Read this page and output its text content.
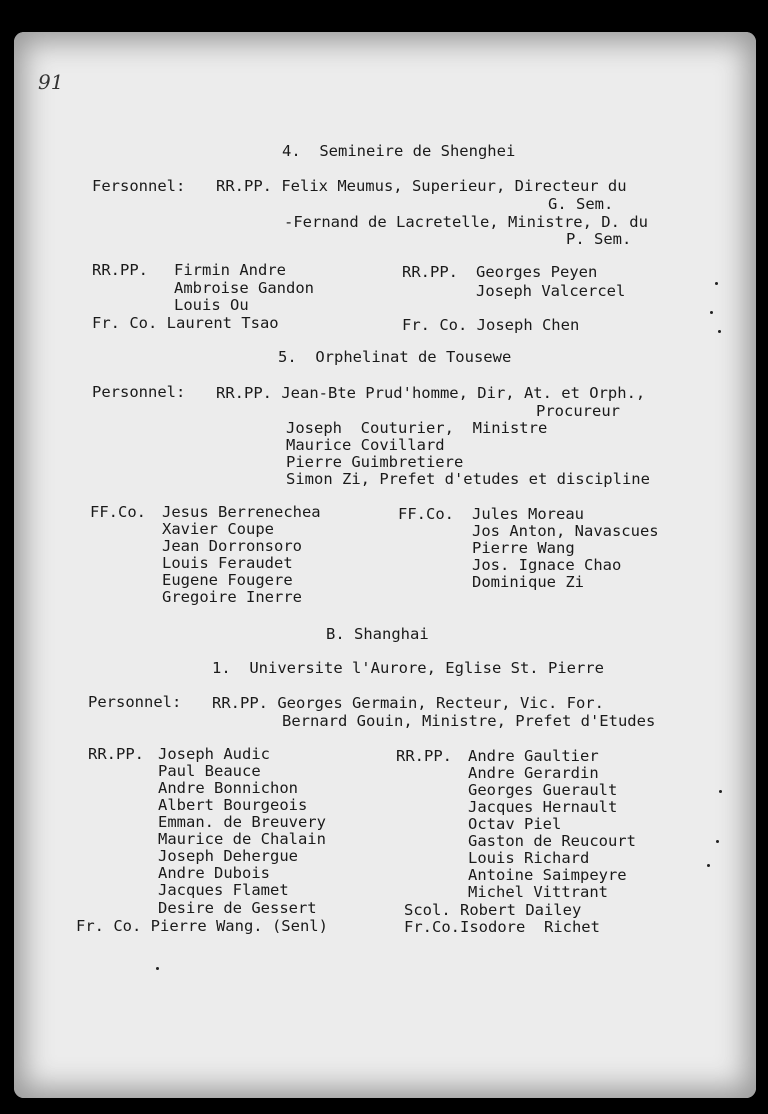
91
4.  Semineire de Shenghei
Fersonnel: RR.PP. Felix Meumus, Superieur, Directeur du
G. Sem.
-Fernand de Lacretelle, Ministre, D. du
P. Sem.
RR.PP. Firmin Andre
Ambroise Gandon
Louis Ou
RR.PP. Georges Peyen
Joseph Valcercel
Fr. Co. Laurent Tsao	Fr. Co. Joseph Chen
5.  Orphelinat de Tousewe
Personnel: RR.PP. Jean-Bte Prud'homme, Dir, At. et Orph.,
Procureur
Joseph  Couturier,  Ministre
Maurice Covillard
Pierre Guimbretiere
Simon Zi, Prefet d'etudes et discipline
FF.Co. Jesus Berrenechea
Xavier Coupe
Jean Dorronsoro
Louis Feraudet
Eugene Fougere
Gregoire Inerre
FF.Co. Jules Moreau
Jos Anton, Navascues
Pierre Wang
Jos. Ignace Chao
Dominique Zi
B. Shanghai
1.  Universite l'Aurore, Eglise St. Pierre
Personnel: RR.PP. Georges Germain, Recteur, Vic. For.
Bernard Gouin, Ministre, Prefet d'Etudes
RR.PP. Joseph Audic
Paul Beauce
Andre Bonnichon
Albert Bourgeois
Emman. de Breuvery
Maurice de Chalain
Joseph Dehergue
Andre Dubois
Jacques Flamet
Desire de Gessert
RR.PP. Andre Gaultier
Andre Gerardin
Georges Guerault
Jacques Hernault
Octav Piel
Gaston de Reucourt
Louis Richard
Antoine Saimpeyre
Michel Vittrant
Scol. Robert Dailey
Fr. Co. Pierre Wang. (Senl)	Fr.Co.Isodore  Richet
